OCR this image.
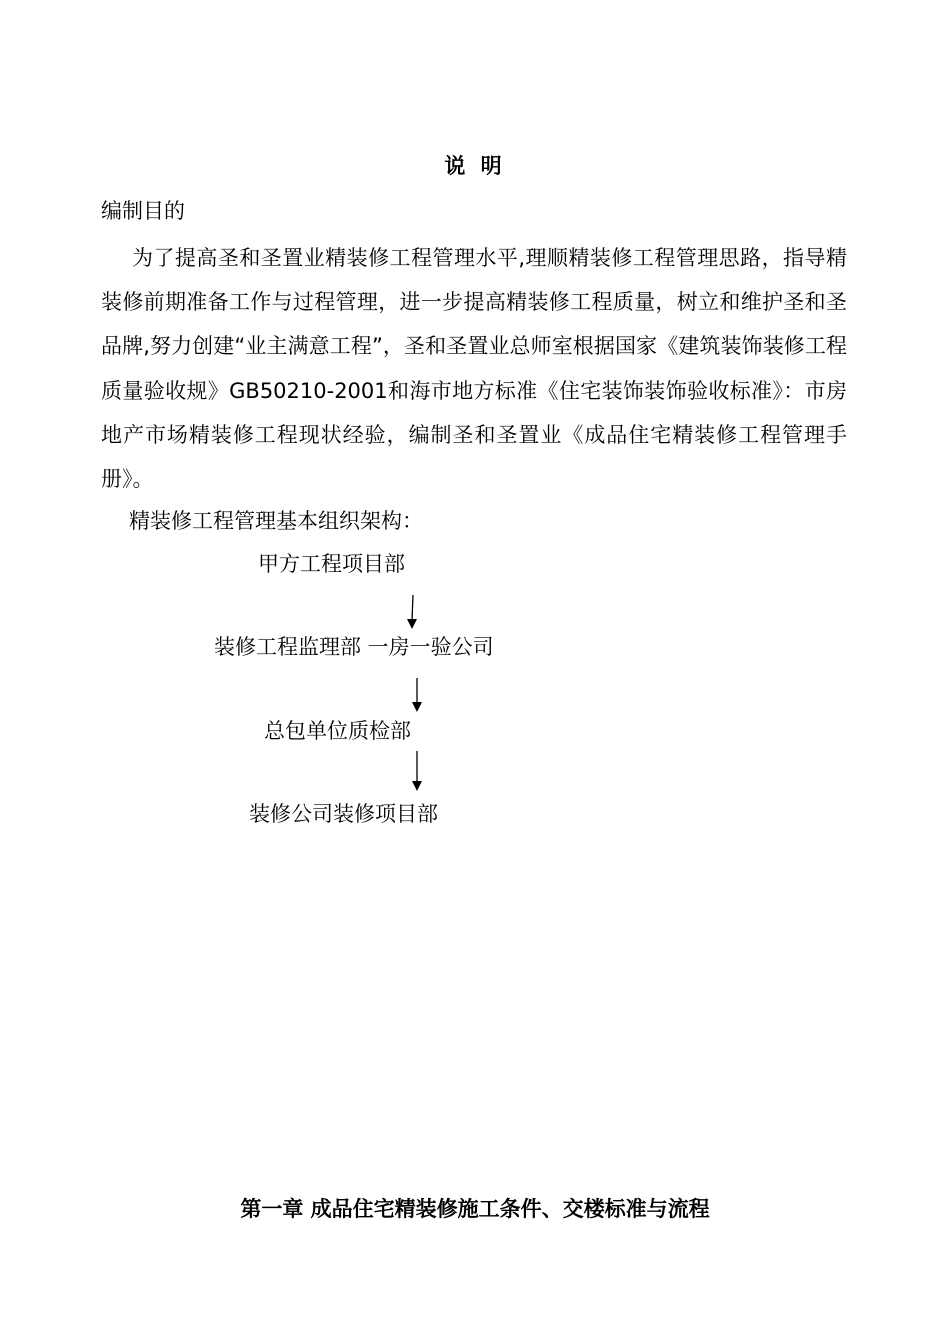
说 明
编制目的

为了提高圣和圣置业精装修工程管理水平,理顺精装修工程管理思路，指导精装修前期准备工作与过程管理，进一步提高精装修工程质量，树立和维护圣和圣品牌,努力创建“业主满意工程”，圣和圣置业总师室根据国家《建筑装饰装修工程质量验收规》GB50210-2001和海市地方标准《住宅装饰装饰验收标准》：市房地产市场精装修工程现状经验，编制圣和圣置业《成品住宅精装修工程管理手册》。

精装修工程管理基本组织架构：
甲方工程项目部
装修工程监理部 一房一验公司
总包单位质检部
装修公司装修项目部
第一章 成品住宅精装修施工条件、交楼标准与流程
